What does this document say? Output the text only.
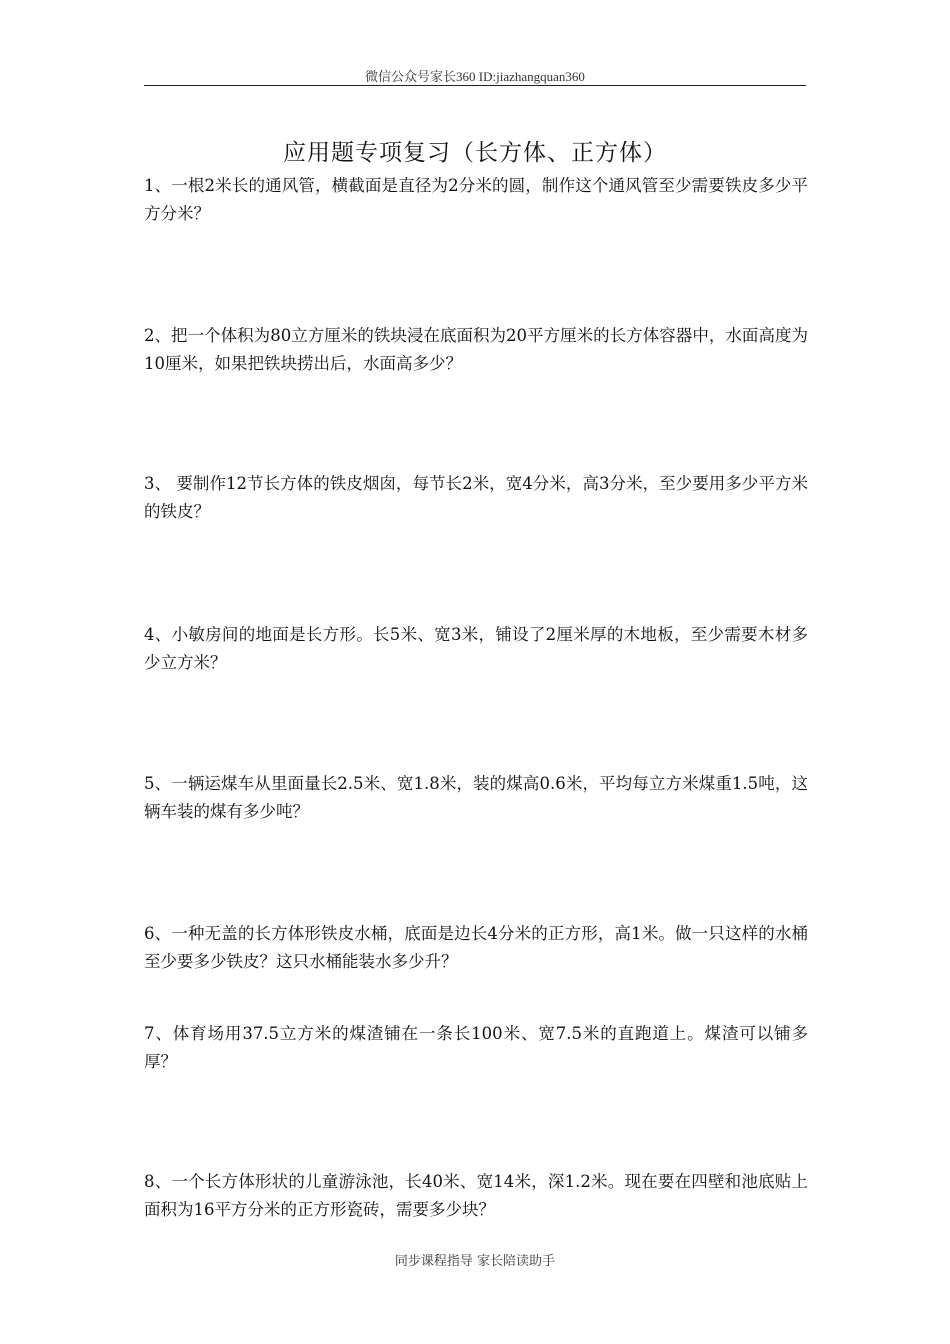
微信公众号家长360 ID:jiazhangquan360
应用题专项复习（长方体、正方体）
1、一根2米长的通风管，横截面是直径为2分米的圆，制作这个通风管至少需要铁皮多少平方分米？
2、把一个体积为80立方厘米的铁块浸在底面积为20平方厘米的长方体容器中，水面高度为10厘米，如果把铁块捞出后，水面高多少？
3、 要制作12节长方体的铁皮烟囱，每节长2米，宽4分米，高3分米，至少要用多少平方米的铁皮？
4、小敏房间的地面是长方形。长5米、宽3米，铺设了2厘米厚的木地板，至少需要木材多少立方米？
5、一辆运煤车从里面量长2.5米、宽1.8米，装的煤高0.6米，平均每立方米煤重1.5吨，这辆车装的煤有多少吨？
6、一种无盖的长方体形铁皮水桶，底面是边长4分米的正方形，高1米。做一只这样的水桶至少要多少铁皮？这只水桶能装水多少升？
7、体育场用37.5立方米的煤渣铺在一条长100米、宽7.5米的直跑道上。煤渣可以铺多厚？
8、一个长方体形状的儿童游泳池，长40米、宽14米，深1.2米。现在要在四壁和池底贴上面积为16平方分米的正方形瓷砖，需要多少块？
同步课程指导 家长陪读助手
